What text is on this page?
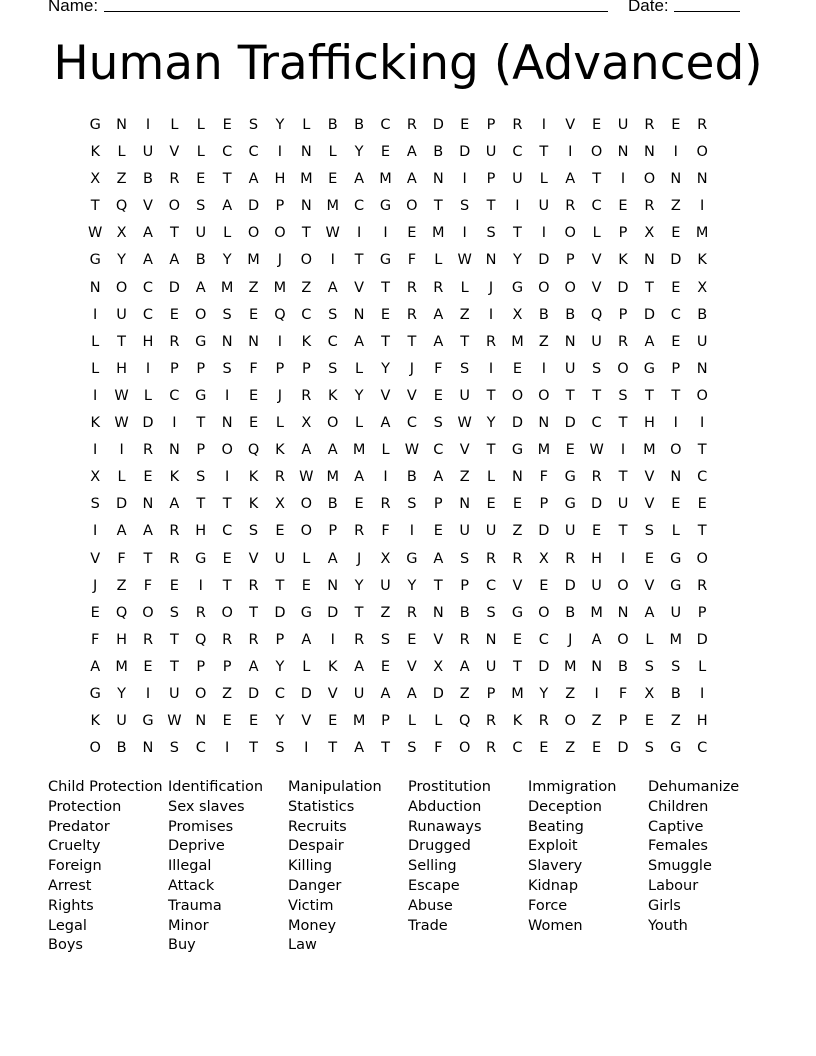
Name:	Date:
Human Trafficking (Advanced)
G	N	I	L	L	E	S	Y	L	B	B	C	R	D	E	P	R	I	V	E	U	R	E	R
K	L	U	V	L	C	C	I	N	L	Y	E	A	B	D	U	C	T	I	O	N	N	I	O
X	Z	B	R	E	T	A	H	M	E	A	M	A	N	I	P	U	L	A	T	I	O	N	N
T	Q	V	O	S	A	D	P	N	M	C	G	O	T	S	T	I	U	R	C	E	R	Z	I
W X	A	T	U	L	O	O	T	W	I	I	E	M	I	S	T	I	O	L	P	X	E	M
G	Y	A	A	B	Y	M	J	O	I	T	G	F	L	W N	Y	D	P	V	K	N	D	K
N	O	C	D	A	M	Z	M	Z	A	V	T	R	R	L	J	G	O	O	V	D	T	E	X
I	U	C	E	O	S	E	Q	C	S	N	E	R	A	Z	I	X	B	B	Q	P	D	C	B
L	T	H	R	G	N	N	I	K	C	A	T	T	A	T	R	M	Z	N	U	R	A	E	U
L	H	I	P	P	S	F	P	P	S	L	Y	J	F	S	I	E	I	U	S	O	G	P	N
I	W	L	C	G	I	E	J	R	K	Y	V	V	E	U	T	O	O	T	T	S	T	T	O
K W D	I	T	N	E	L	X	O	L	A	C	S	W	Y	D	N	D	C	T	H	I	I
I	I	R	N	P	O	Q	K	A	A	M	L	W C	V	T	G	M	E	W	I	M O	T
X	L	E	K	S	I	K	R W M	A	I	B	A	Z	L	N	F	G	R	T	V	N	C
S	D	N	A	T	T	K	X	O	B	E	R	S	P	N	E	E	P	G	D	U	V	E	E
I	A	A	R	H	C	S	E	O	P	R	F	I	E	U	U	Z	D	U	E	T	S	L	T
V	F	T	R	G	E	V	U	L	A	J	X	G	A	S	R	R	X	R	H	I	E	G	O
J	Z	F	E	I	T	R	T	E	N	Y	U	Y	T	P	C	V	E	D	U	O	V	G	R
E	Q	O	S	R	O	T	D	G	D	T	Z	R	N	B	S	G	O	B	M	N	A	U	P
F	H	R	T	Q	R	R	P	A	I	R	S	E	V	R	N	E	C	J	A	O	L	M	D
A	M	E	T	P	P	A	Y	L	K	A	E	V	X	A	U	T	D	M	N	B	S	S	L
G	Y	I	U	O	Z	D	C	D	V	U	A	A	D	Z	P	M	Y	Z	I	F	X	B	I
K	U	G W N	E	E	Y	V	E	M	P	L	L	Q	R	K	R	O	Z	P	E	Z	H
O	B	N	S	C	I	T	S	I	T	A	T	S	F	O	R	C	E	Z	E	D	S	G	C
Child Protection
Protection
Predator
Cruelty
Foreign
Arrest
Rights
Legal
Boys
Identification
Sex slaves
Promises
Deprive
Illegal
Attack
Trauma
Minor
Buy
Manipulation
Statistics
Recruits
Despair
Killing
Danger
Victim
Money
Law
Prostitution
Abduction
Runaways
Drugged
Selling
Escape
Abuse
Trade
Immigration
Deception
Beating
Exploit
Slavery
Kidnap
Force
Women
Dehumanize
Children
Captive
Females
Smuggle
Labour
Girls
Youth
